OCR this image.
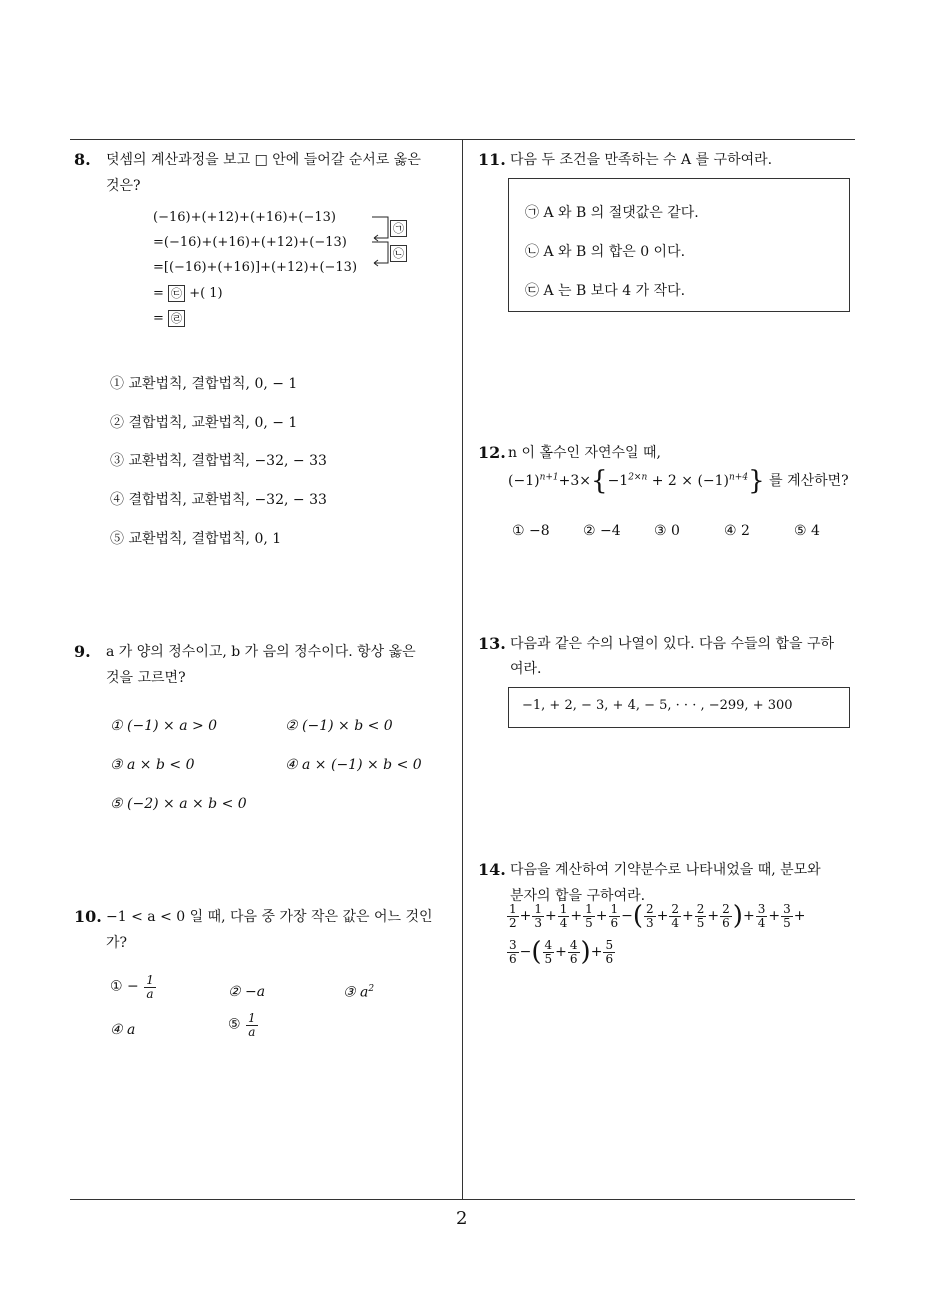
8. 덧셈의 계산과정을 보고 □ 안에 들어갈 순서로 옳은
것은?
(−16)+(+12)+(+16)+(−13)
=(−16)+(+16)+(+12)+(−13)
=[(−16)+(+16)]+(+12)+(−13)
= ㉢ +( 1)
= ㉣
㉠
㉡
① 교환법칙, 결합법칙, 0, − 1
② 결합법칙, 교환법칙, 0, − 1
③ 교환법칙, 결합법칙, −32, − 33
④ 결합법칙, 교환법칙, −32, − 33
⑤ 교환법칙, 결합법칙, 0, 1
9. a 가 양의 정수이고, b 가 음의 정수이다. 항상 옳은
것을 고르면?
① (−1) × a > 0	② (−1) × b < 0
③ a × b < 0	④ a × (−1) × b < 0
⑤ (−2) × a × b < 0
10. −1 < a < 0 일 때, 다음 중 가장 작은 값은 어느 것인
가?
① − $\frac{1}{a}$	② −a	③ $a^2$
④ a	⑤ $\frac{1}{a}$
11. 다음 두 조건을 만족하는 수 A 를 구하여라.
㉠ A 와 B 의 절댓값은 같다.
㉡ A 와 B 의 합은 0 이다.
㉢ A 는 B 보다 4 가 작다.
12. n 이 홀수인 자연수일 때,
$(-1)^{n+1}+3\times\{-1^{2\times n} + 2 \times (-1)^{n+4}\}$ 를 계산하면?
① −8 ② −4 ③ 0	④ 2	⑤ 4
13. 다음과 같은 수의 나열이 있다. 다음 수들의 합을 구하
여라.
−1, + 2, − 3, + 4, − 5, · · · , −299, + 300
14. 다음을 계산하여 기약분수로 나타내었을 때, 분모와
분자의 합을 구하여라.
$\frac{1}{2} + \frac{1}{3} + \frac{1}{4} + \frac{1}{5} + \frac{1}{6}$ −( $\frac{2}{3} + \frac{2}{4} + \frac{2}{5} + \frac{2}{6}$ )+ $\frac{3}{4} + \frac{3}{5}$ +
$\frac{3}{6}$ −( $\frac{4}{5} + \frac{4}{6}$ )+ $\frac{5}{6}$
2
